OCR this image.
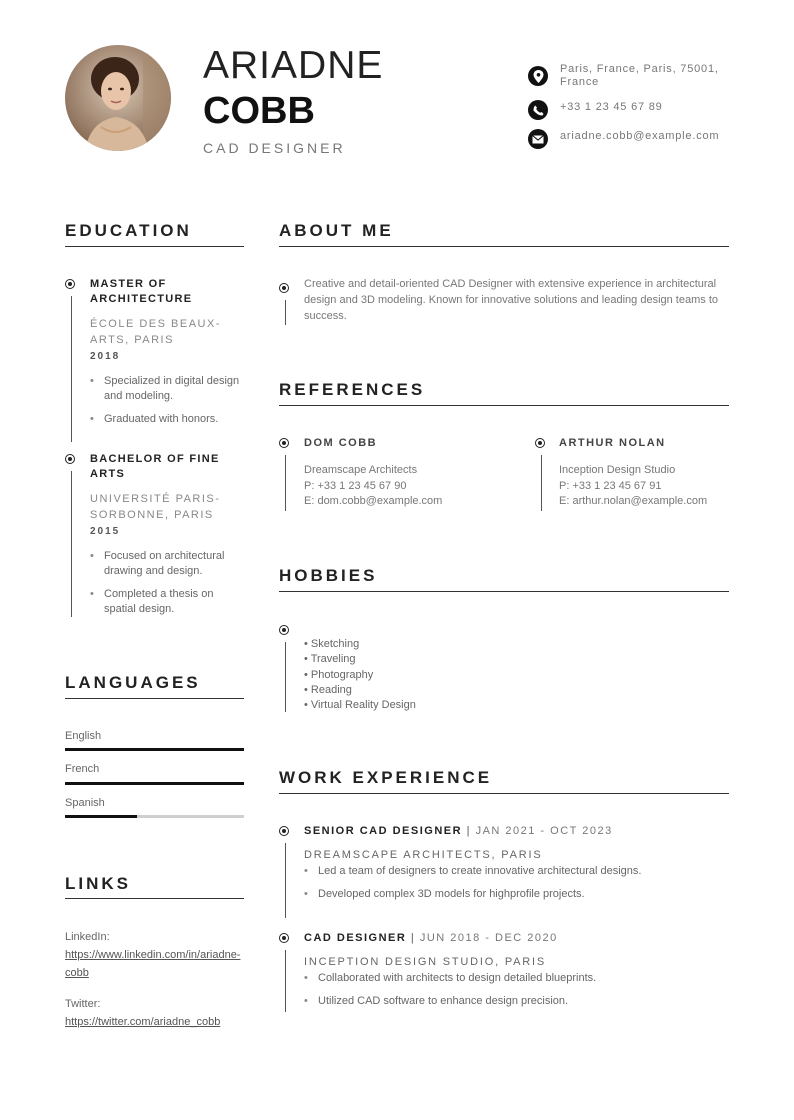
ARIADNE
COBB
CAD DESIGNER
Paris, France, Paris, 75001, France
+33 1 23 45 67 89
ariadne.cobb@example.com
EDUCATION
MASTER OF ARCHITECTURE
ÉCOLE DES BEAUX-ARTS, PARIS
2018
• Specialized in digital design and modeling.
• Graduated with honors.
BACHELOR OF FINE ARTS
UNIVERSITÉ PARIS-SORBONNE, PARIS
2015
• Focused on architectural drawing and design.
• Completed a thesis on spatial design.
LANGUAGES
English
French
Spanish
LINKS
LinkedIn:
https://www.linkedin.com/in/ariadne-cobb
Twitter:
https://twitter.com/ariadne_cobb
ABOUT ME
Creative and detail-oriented CAD Designer with extensive experience in architectural design and 3D modeling. Known for innovative solutions and leading design teams to success.
REFERENCES
DOM COBB
Dreamscape Architects
P: +33 1 23 45 67 90
E: dom.cobb@example.com
ARTHUR NOLAN
Inception Design Studio
P: +33 1 23 45 67 91
E: arthur.nolan@example.com
HOBBIES
• Sketching
• Traveling
• Photography
• Reading
• Virtual Reality Design
WORK EXPERIENCE
SENIOR CAD DESIGNER | JAN 2021 - OCT 2023
DREAMSCAPE ARCHITECTS, PARIS
• Led a team of designers to create innovative architectural designs.
• Developed complex 3D models for highprofile projects.
CAD DESIGNER | JUN 2018 - DEC 2020
INCEPTION DESIGN STUDIO, PARIS
• Collaborated with architects to design detailed blueprints.
• Utilized CAD software to enhance design precision.
